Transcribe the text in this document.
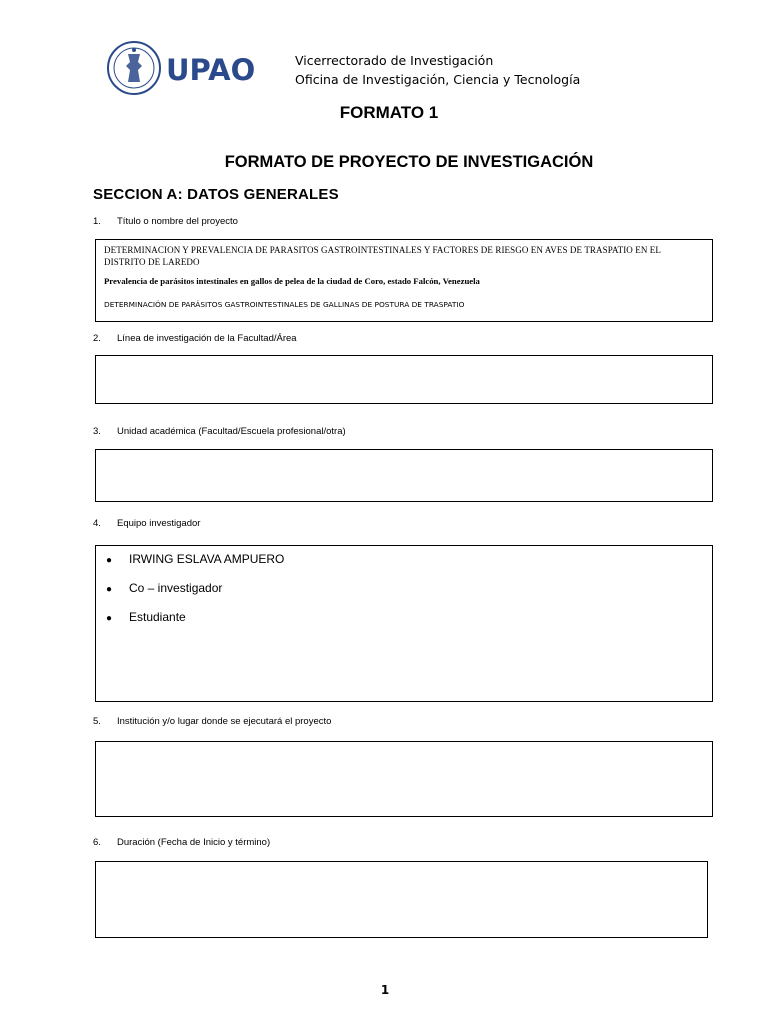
UPAO	Vicerrectorado de Investigación
Oficina de Investigación, Ciencia y Tecnología
FORMATO 1
FORMATO DE PROYECTO DE INVESTIGACIÓN
SECCION A: DATOS GENERALES
1. Título o nombre del proyecto
DETERMINACION Y PREVALENCIA DE PARASITOS GASTROINTESTINALES Y FACTORES DE RIESGO EN AVES DE TRASPATIO EN EL DISTRITO DE LAREDO
Prevalencia de parásitos intestinales en gallos de pelea de la ciudad de Coro, estado Falcón, Venezuela
DETERMINACIÓN DE PARÁSITOS GASTROINTESTINALES DE GALLINAS DE POSTURA DE TRASPATIO
2. Línea de investigación de la Facultad/Área
3. Unidad académica (Facultad/Escuela profesional/otra)
4. Equipo investigador
● IRWING ESLAVA AMPUERO
● Co – investigador
● Estudiante
5. Institución y/o lugar donde se ejecutará el proyecto
6. Duración (Fecha de Inicio y término)
1
